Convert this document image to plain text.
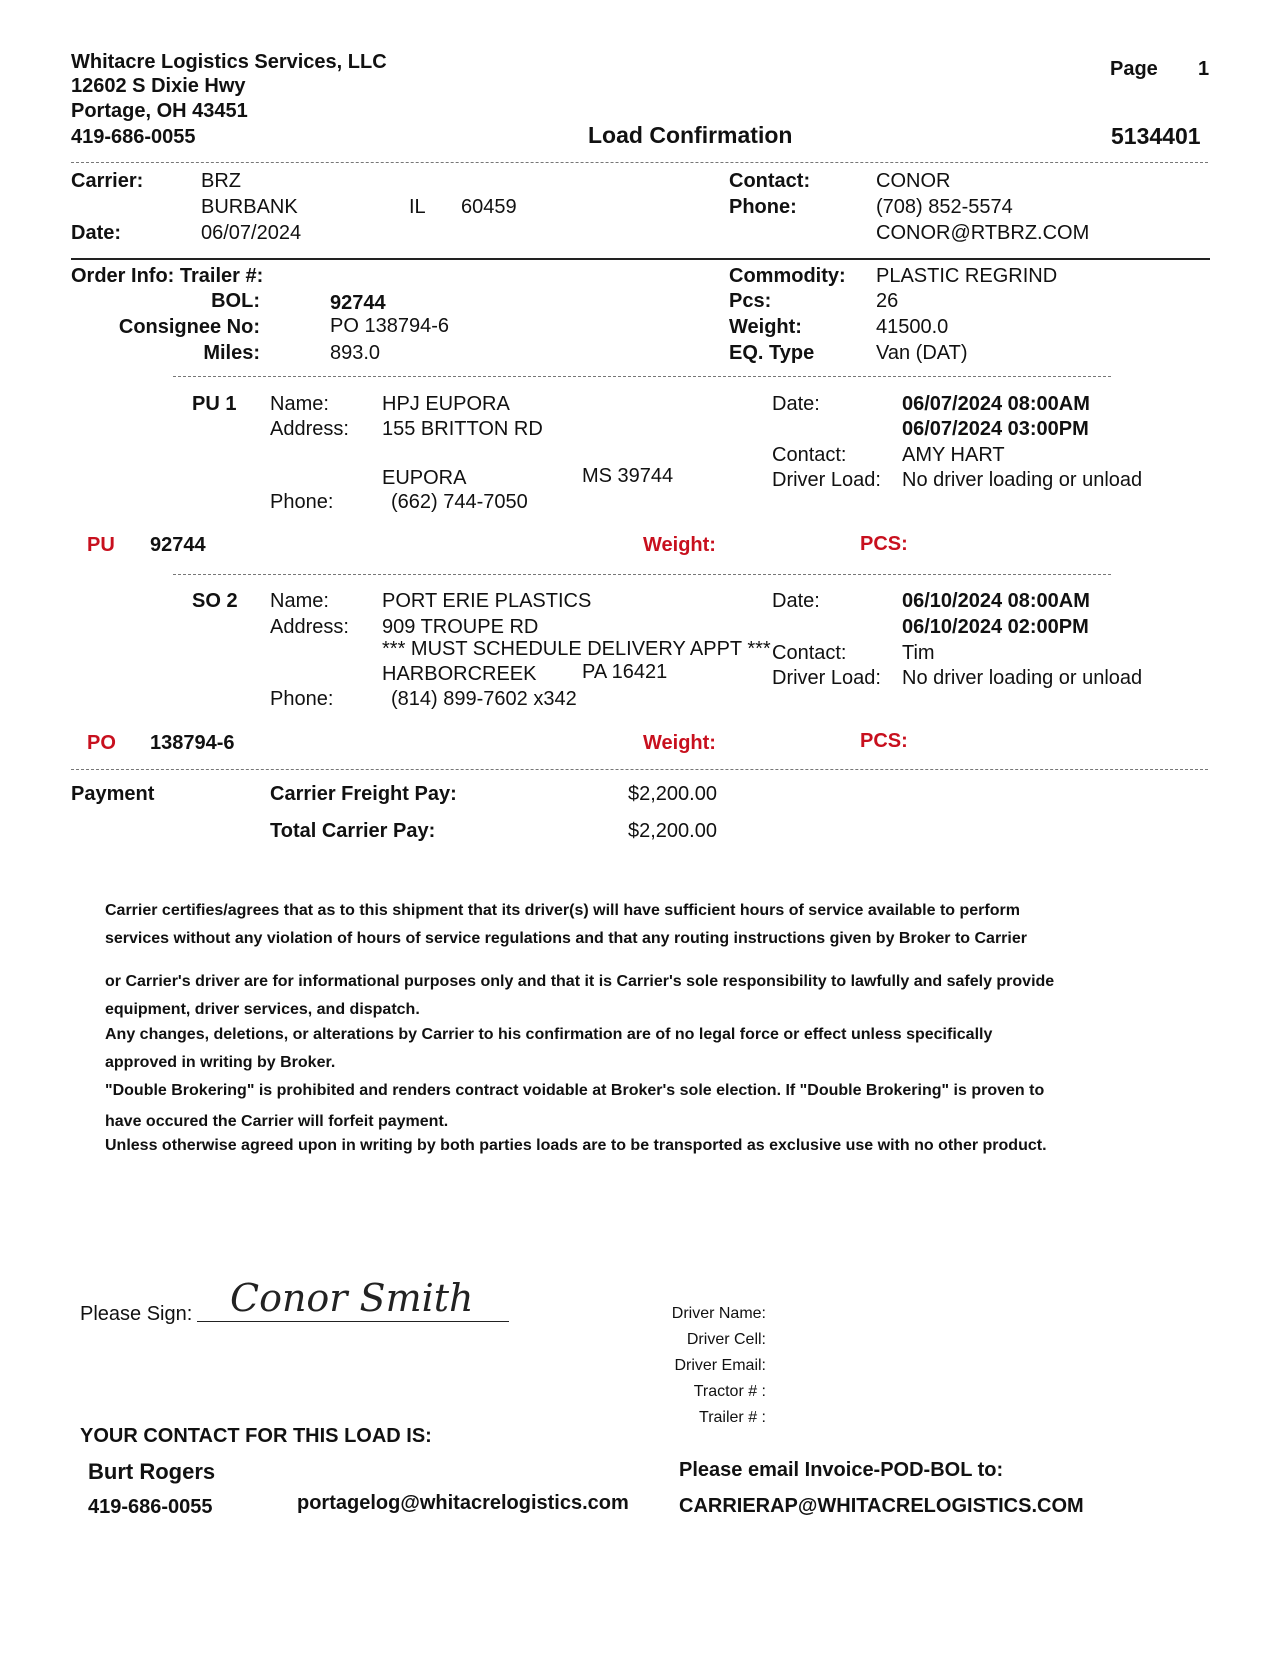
Whitacre Logistics Services, LLC
12602 S Dixie Hwy
Portage, OH 43451
419-686-0055
Page 1
Load Confirmation	5134401
Carrier:	BRZ
BURBANK	IL 60459
Date:	06/07/2024
Contact:	CONOR
Phone:	(708) 852-5574
CONOR@RTBRZ.COM
Order Info: Trailer #:
BOL:	92744
Consignee No:	PO 138794-6
Miles:	893.0
Commodity: PLASTIC REGRIND
Pcs:	26
Weight:	41500.0
EQ. Type	Van (DAT)
PU 1 Name:	HPJ EUPORA
Address: 155 BRITTON RD
EUPORA	MS 39744
Phone:	(662) 744-7050
Date:	06/07/2024 08:00AM
06/07/2024 03:00PM
Contact:	AMY HART
Driver Load: No driver loading or unload
PU 92744	Weight:	PCS:
SO 2 Name:	PORT ERIE PLASTICS
Address: 909 TROUPE RD
*** MUST SCHEDULE DELIVERY APPT ***
HARBORCREEK PA 16421
Phone:	(814) 899-7602 x342
Date:	06/10/2024 08:00AM
06/10/2024 02:00PM
Contact:	Tim
Driver Load: No driver loading or unload
PO 138794-6	Weight:	PCS:
Payment	Carrier Freight Pay:	$2,200.00
Total Carrier Pay:	$2,200.00
Carrier certifies/agrees that as to this shipment that its driver(s) will have sufficient hours of service available to perform
services without any violation of hours of service regulations and that any routing instructions given by Broker to Carrier
or Carrier's driver are for informational purposes only and that it is Carrier's sole responsibility to lawfully and safely provide
equipment, driver services, and dispatch.
Any changes, deletions, or alterations by Carrier to his confirmation are of no legal force or effect unless specifically
approved in writing by Broker.
"Double Brokering" is prohibited and renders contract voidable at Broker's sole election. If "Double Brokering" is proven to
have occured the Carrier will forfeit payment.
Unless otherwise agreed upon in writing by both parties loads are to be transported as exclusive use with no other product.
Please Sign: Conor Smith	Driver Name:
Driver Cell:
Driver Email:
Tractor # :
Trailer # :
YOUR CONTACT FOR THIS LOAD IS:
Burt Rogers
419-686-0055	portagelog@whitacrelogistics.com
Please email Invoice-POD-BOL to:
CARRIERAP@WHITACRELOGISTICS.COM
